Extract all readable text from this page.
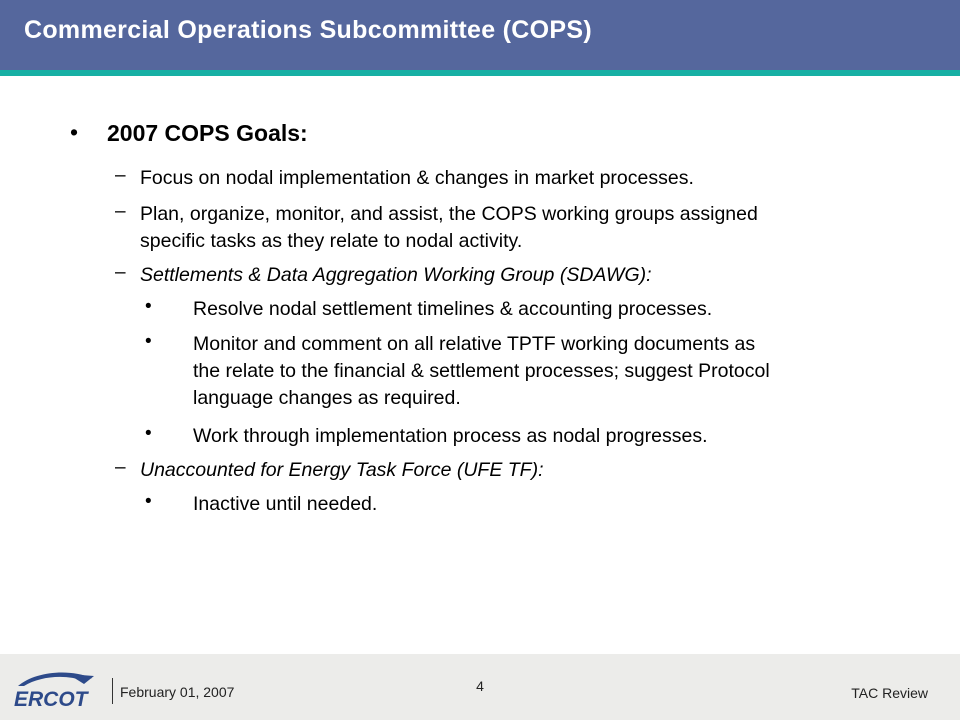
Commercial Operations Subcommittee (COPS)
• 2007 COPS Goals:
– Focus on nodal implementation & changes in market processes.
– Plan, organize, monitor, and assist, the COPS working groups assigned
specific tasks as they relate to nodal activity.
– Settlements & Data Aggregation Working Group (SDAWG):
• Resolve nodal settlement timelines & accounting processes.
• Monitor and comment on all relative TPTF working documents as
the relate to the financial & settlement processes; suggest Protocol
language changes as required.
• Work through implementation process as nodal progresses.
– Unaccounted for Energy Task Force (UFE TF):
• Inactive until needed.
ERCOT February 01, 2007	4	TAC Review
